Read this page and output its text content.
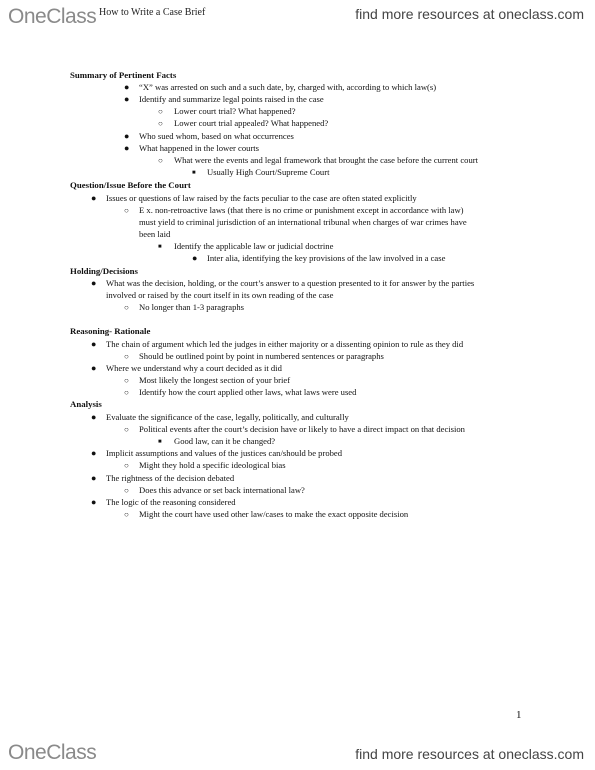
OneClass How to Write a Case Brief	find more resources at oneclass.com
Summary of Pertinent Facts
● “X” was arrested on such and a such date, by, charged with, according to which law(s)
● Identify and summarize legal points raised in the case
○ Lower court trial? What happened?
○ Lower court trial appealed? What happened?
● Who sued whom, based on what occurrences
● What happened in the lower courts
○ What were the events and legal framework that brought the case before the current court
■ Usually High Court/Supreme Court
Question/Issue Before the Court
● Issues or questions of law raised by the facts peculiar to the case are often stated explicitly
○ E x. non-retroactive laws (that there is no crime or punishment except in accordance with law)
must yield to criminal jurisdiction of an international tribunal when charges of war crimes have
been laid
■ Identify the applicable law or judicial doctrine
● Inter alia, identifying the key provisions of the law involved in a case
Holding/Decisions
● What was the decision, holding, or the court’s answer to a question presented to it for answer by the parties
involved or raised by the court itself in its own reading of the case
○ No longer than 1-3 paragraphs
Reasoning- Rationale
● The chain of argument which led the judges in either majority or a dissenting opinion to rule as they did
○ Should be outlined point by point in numbered sentences or paragraphs
● Where we understand why a court decided as it did
○ Most likely the longest section of your brief
○ Identify how the court applied other laws, what laws were used
Analysis
● Evaluate the significance of the case, legally, politically, and culturally
○ Political events after the court’s decision have or likely to have a direct impact on that decision
■ Good law, can it be changed?
● Implicit assumptions and values of the justices can/should be probed
○ Might they hold a specific ideological bias
● The rightness of the decision debated
○ Does this advance or set back international law?
● The logic of the reasoning considered
○ Might the court have used other law/cases to make the exact opposite decision
1
OneClass	find more resources at oneclass.com
